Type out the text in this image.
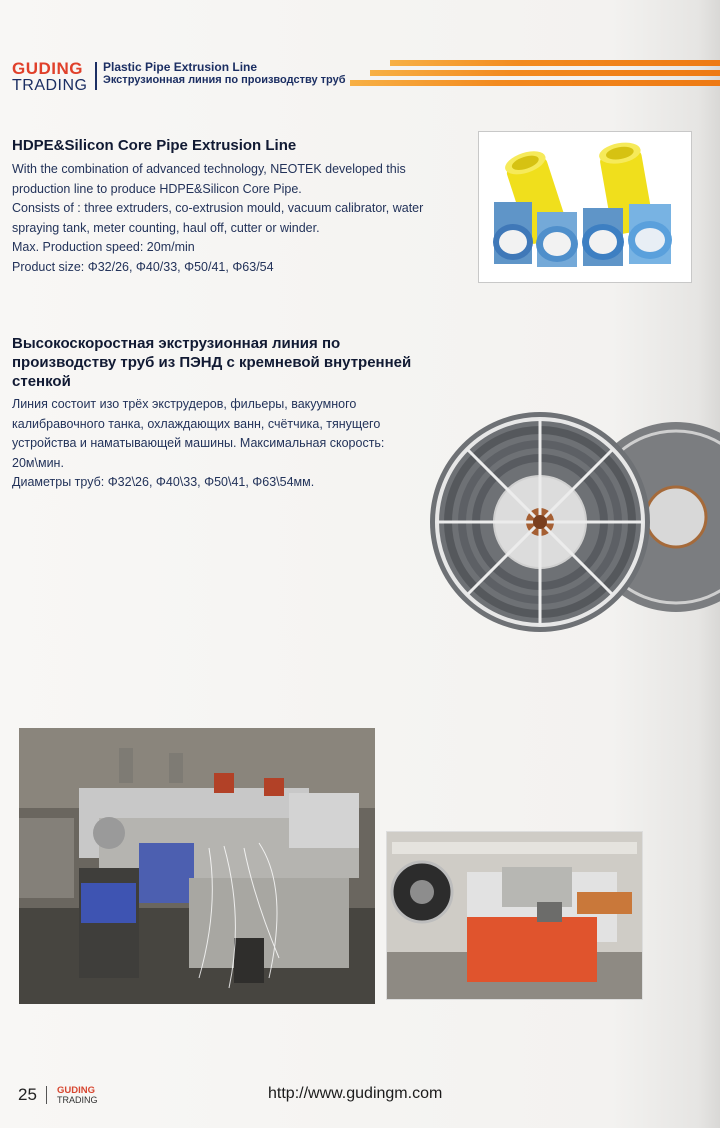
GUDING
TRADING
Plastic Pipe Extrusion Line
Экструзионная линия по производству труб
HDPE&Silicon Core Pipe Extrusion Line
With the combination of advanced technology, NEOTEK developed this
production line to produce HDPE&Silicon Core Pipe.
Consists of : three extruders, co-extrusion mould, vacuum calibrator, water
spraying tank, meter counting, haul off, cutter or winder.
Max. Production speed: 20m/min
Product size: Φ32/26, Φ40/33, Φ50/41, Φ63/54
Высокоскоростная экструзионная линия по производству труб из ПЭНД с кремневой внутренней стенкой
Линия состоит изо трёх экструдеров, фильеры, вакуумного
калибравочного танка, охлаждающих ванн, счётчика, тянущего
устройства и наматывающей машины. Максимальная скорость:
20м\мин.
Диаметры труб: Φ32\26, Φ40\33, Φ50\41, Φ63\54мм.
25 GUDING
TRADING	http://www.gudingm.com
